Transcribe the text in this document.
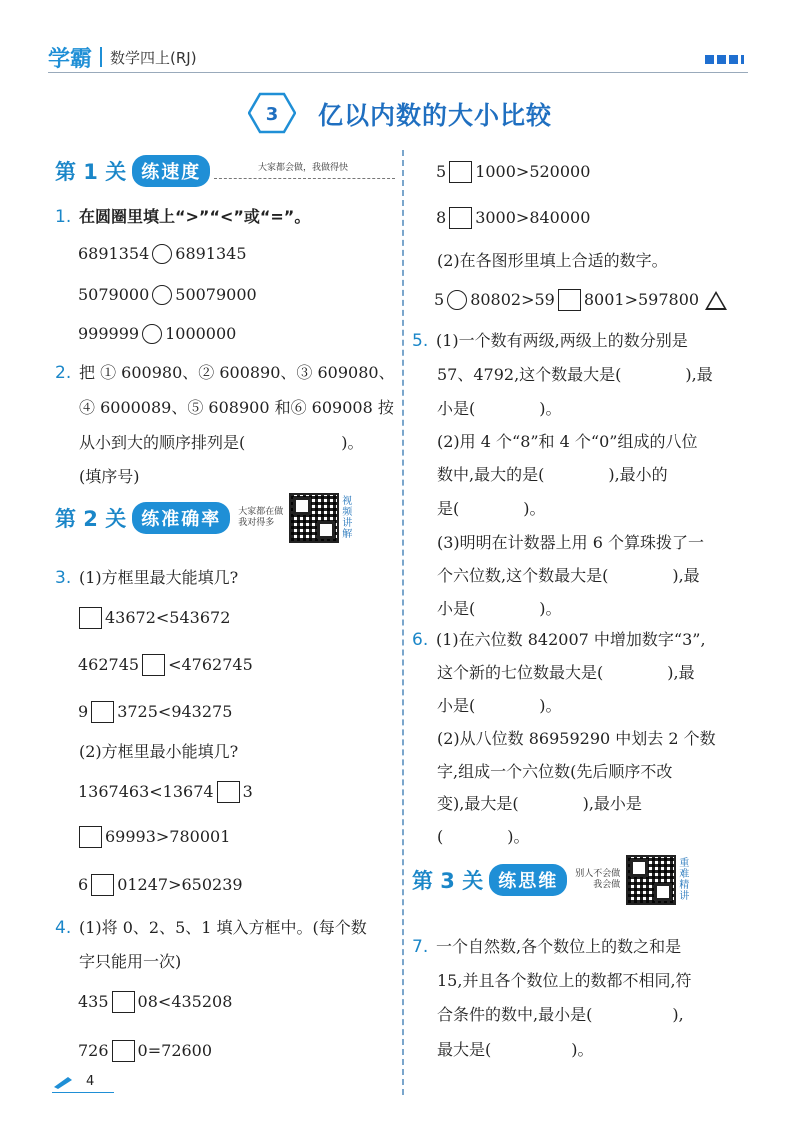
学霸 数学四上(RJ)
3 亿以内数的大小比较
第 1 关 练速度	大家都会做，我做得快
1. 在圆圈里填上“>”“<”或“=”。
6891354 6891345
5079000 50079000
999999 1000000
2. 把 ① 600980、② 600890、③ 609080、
④ 6000089、⑤ 608900 和⑥ 609008 按
从小到大的顺序排列是(　　　　　　)。
(填序号)
第 2 关 练准确率	大家都在做
我对得多
视频讲解
3. (1)方框里最大能填几?
43672<543672
462745 <4762745
9 3725<943275
(2)方框里最小能填几?
1367463<13674 3
69993>780001
6 01247>650239
4. (1)将 0、2、5、1 填入方框中。(每个数
字只能用一次)
435 08<435208
726 0=72600
4
5 1000>520000
8 3000>840000
(2)在各图形里填上合适的数字。
5 80802>59 8001>597800
5. (1)一个数有两级,两级上的数分别是
57、4792,这个数最大是(　　　　),最
小是(　　　　)。
(2)用 4 个“8”和 4 个“0”组成的八位
数中,最大的是(　　　　),最小的
是(　　　　)。
(3)明明在计数器上用 6 个算珠拨了一
个六位数,这个数最大是(　　　　),最
小是(　　　　)。
6. (1)在六位数 842007 中增加数字“3”,
这个新的七位数最大是(　　　　),最
小是(　　　　)。
(2)从八位数 86959290 中划去 2 个数
字,组成一个六位数(先后顺序不改
变),最大是(　　　　),最小是
(　　　　)。
第 3 关 练思维	别人不会做
我会做
重难精讲
7. 一个自然数,各个数位上的数之和是
15,并且各个数位上的数都不相同,符
合条件的数中,最小是(　　　　　),
最大是(　　　　　)。
